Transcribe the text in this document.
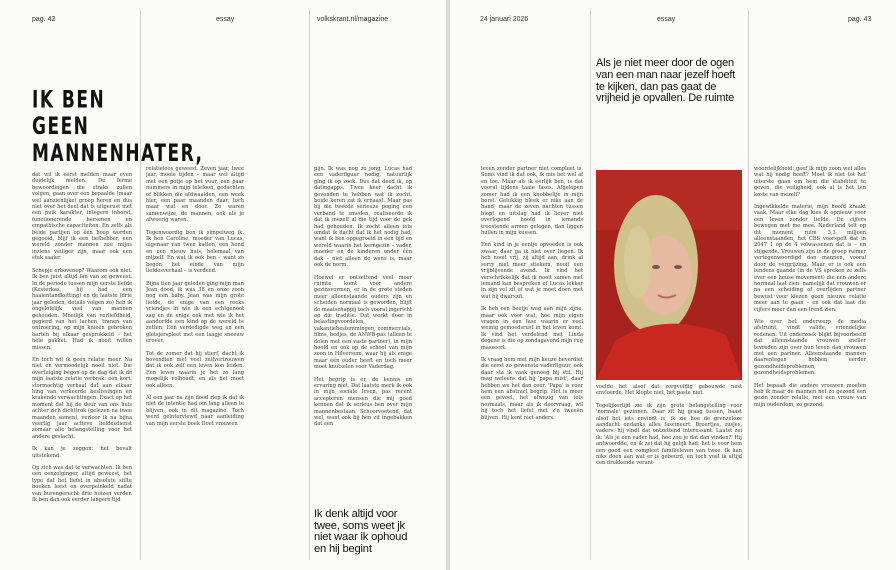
pag. 42	essay	volkskrant.nl/magazine	24 januari 2026	essay	pag. 43
IK BEN GEEN MANNENHATER,

dat wil ik eerst melden maar even duidelijk melden. De ferme bewoordingen die straks zullen volgen, gaan over een bepaalde (maar wel aanzienlijke) groep heren en dus niet over het deel dat is uitgerust met een puik karakter, integere inborst, functionerende hersenen en empathische capaciteiten. En zelfs als beide partijen op één hoop worden gegooid, blijf ik een liefhebber, een wereld zonder mannen zou mijns inziens veiliger zijn, maar ook een stuk saaier.

Schepje erbovenop? Waarom ook niet. Ik ben juist altijd fan van ze geweest. In de periode tussen mijn eerste liefde (Kesterkas, hij had een haaientandketting) en de laatste (drie jaar geleden, details volgen zo) heb ik ongelofelijk veel van mannen gehouden. Moeilijk van verliefdheid, gegierd van het lachen, tranen van ontroering, op mijn knieën gebroken harten bij elkaar gesprokkeld – het hele pakket. Had ik nooit willen missen.

En toch wil ik geen relatie meer. Na niet en vermoedelijk nooit niet. Die overtuiging begon op de dag dat ik de mijn laatste relatie verbrak: een kort, stormachtig verhaal dat aan elkaar hing van verkeerde beslissingen en krakende verwachtingen. Exact op het moment dat hij de deur van ons huis achter zich dichttrok (gelezen na twee maanden samen), verloor ik na bijna veertig jaar actieve liefdesdienst zomaar alle belangstelling voor het andere geslacht.

Ik kan je zeggen: het bevalt uitstekend.

Op zich was dat te verwachten. Ik ben een eenzelginger, altijd geweest, het type dat het liefst in absolute stilte boeken leest en overpeinkeld nadat van burengerucht drie huizen verder. Ik ben dan ook eerder langere tijd

relatieloos geweest. Zeven jaar, twee jaar, mooie tijden – maar wél altijd met een potje op het vuur, een paar nummers in mijn telefoon, gedachten of blikken die afdwaalden, een week hier, een paar maanden daar, toch maar wat en door. Zo waren samenwijze, de mannen, ook als je afweerig waren.

Tegenwoordig ben ik simpelweg ik. Ik ben Caroline, moeder van Lucas, eigenaar van twee katten, een hond en een nieuw huis, helemaal van mijzelf. En wat ik ook ben – want zo begon het einde van mijn liefdesverhaal – is verdeed.

Bijna tien jaar geleden ging mijn man Jean dood, ik was 38 en onze zoon nog een baby. Jean was mijn grote liefde, de enige van een reeks vriendjes in wie ik een echtgenoot zag en de enige ook met wie ik het aandurfde een kind op de wereld te zetten. Een verdedigde weg en een gletsjerspleet met een laagje sneeuw erover.

Tot de zomer dat hij stierf, dacht ik bovendien met veel zelfvertrouwen dat ik ook zelf een leven kon leiden. Een leven waarin je het zo lang mogelijk volhoudt, en als het moet ook alleen.

Al een jaar na zijn dood riep ik dat ik niet de intentie had om lang alleen te blijven, ook in dit magazine. Toch werd geïnterviewd naar aanleiding van mijn eerste boek Doet vrouwen

pijn. Ik was nog zo jong, Lucas had een vaderfiguur nodig, natuurlijk ging ik op zoek. Dus dat deed ik, op datingapps. Twee keer dacht ik gevonden te hebben wat ik zocht, beide keren zat ik ernaast. Maar pas bij die tweede serieuze poging een verband te smeden, realiseerde ik dat ik mezelf al die tijd voor de gek had gehouden. Ik zocht alleen iets omdat ik dacht dat ik het nodig had, want ik ben opgegroeid in een tijd en wereld waarin het kerngezin – vader, moeder en de kinderen onder één dak – niet alleen de wens is, maar ook de norm.

Hoewel er ontzettend veel meer ruimte komt voor andere gezinsvormen, er in de grote steden meer alleenstaande ouders zijn en scheiden normaal is geworden, blijft de maatschappij toch vooral ingericht op die traditie. Dat werkt door in belastingvoordelen, vakantiebestemmingen, commercials, films, bedjes, de ANWB-pas (alleen te delen met een vaste partner), in mijn hoofd en ook op de school van mijn zoon in Hilversum, waar hij als enige maar één ouder heeft en toch meer moet knutselen voor Vaderdag.

Het begrip is er, de kennis en ervaring niet. Dat laatste merk ik ook in mijn sociale leven, pas recent accepteren mensen die mij goed kennen dat ik serieus ben over mijn mannenbestaan. Schoorvoetend, dat wel, want ook bij hen zit ingebakken dat een

leven zonder partner niet compleet is. Soms vind ik dat ook, ik mis het wel af en toe. Maar als ik eerlijk ben, is dat vooral tijdens taaie fases. Afgelopen zomer had ik een knobbeltje in mijn borst. Gelukkig bleek er niks aan de hand, maar de zeven nachten tussen biopt en uitslag had ik liever niet overlopend hoofd in iemands troostende armen gelegen, dan liggen huilen in mijn kussen.

Een kind in je eentje opvoeden is ook zwaar, daar ga ik niet over liegen. Ik heb nooit vrij, zij altijd aan, drink al sorry niet meer stiekem, nooit een vrijblijvende avond. Ik vind het verschrikkelijk dat ik nooit samen met iemand kan bespreken of Lucas lekker in zijn vel zit of wat je moet doen met wat hij dwarszit.

Ik heb een beetje weg aan mijn zijne, maar ook voor wat, hoe mijn eigen vragen in een fase waarin er veel weinig gemoedsrust in het leven komt. Ik vind het verdelend met Linda degene is die op zondagavond mijn rug masseert.

Ik vraag hem met mijn keuze beverdiet die eerst zo gewenste vaderfiguur, ook daar sta ik vaak genoeg bij stil. Hij mag weleens dat hij 'papa mist', daar hebben we het dan over. 'Papa' is voor hem een abstract begrip. Het is meer een gevoel, het afwezig van iets normaals, maar als ik doorvraag, wil hij toch het liefst met z'n tweeën blijven. Hij kent niet anders.

Ik denk altijd voor twee, soms weet jk niet waar ik ophoud en hij begint
Als je niet meer door de ogen van een man naar jezelf hoeft te kijken, dan pas gaat de vrijheid je opvallen. De ruimte

voelde het alsof dat zorgvuldig gebouwde nest envloerde. Het klopte niet, het paste niet.

Tegelijkertijd zie ik zijn grote belangstelling voor 'normale' gezinnen. Daar zit hij graag tussen, haast alsof het iets envindt is, ik zie hoe de grenzeloze aandacht ondanks alles fascineert. Broertjes, zusjes, vaders: hij vindt dat ontzettend interessant. Laatst zei ik: 'Als je een vader had, hoe zou je dat dan vinden?' Hij antwoordde, en ik zei dat hij gelijk had: het is voor hem een goed een compleet familieleven van twee. Ik kan niks doen aan wat er is gebeurd, en toch voel ik altijd een drukkende verant-

woordelijkheid: geef ik mijn zoon wel alles wat hij nodig heeft? Moet ik niet tot het uiterste gaan om hem die stabiliteit te geven, die veiligheid, ook al is het ten koste van mezelf?

Ingewikkelde materie, mijn hoofd kraakt vaak. Maar elke dag kies ik opnieuw voor een leven zonder liefde. De cijfers bewegen met me mee. Nederland telt op dit moment ruim 3,3 miljoen alleenstaanden, het CBS voorspelt dat in 2047 1 op de 4 volwassenen dat is – en stijgende. Vrouwen zijn in de groep ruimer vertegenwoordigd dan mannen, vooral door de vergrijzing. Maar er is ook een tendens gaande (in de VS spreken ze zelfs over een heuse movement) die een andere normaal laat zien: namelijk dat vrouwen er na een scheiding of overlijden partner bewust voor kiezen geen nieuwe relatie meer aan te gaan – en ook dat laat die cijfers meer dan een trend zien.

Wie over het onderwerp de media afstruint, vindt valide, vriendelijke redenen. Uit onderzoek blijkt bijvoorbeeld dat alleenstaande vrouwen sneller tevreden zijn over hun leven dan vrouwen met een partner. Alleenstaande mannen daarentegen hebben eerder gezondheidsproblemen, gezondheidsproblemen.

Het bepaalt die andere vrouwen moeten heb ik maar de mannen net zo gezond een gezin zonder relatie, met een vrouw van mijn ouderdom, zo gezond.
